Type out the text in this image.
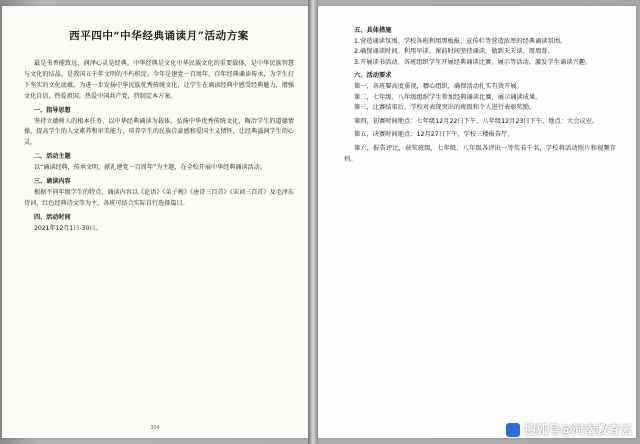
西平四中“中华经典诵读月”活动方案

最是书香能致远，润泽心灵是经典。中华经典是文化中华民族文化的重要载体，是中华民族智慧与文化的结晶，是我国五千年文明的不朽积淀。今年是建党一百周年，百年经典诵读传承，为学生打下坚实的文化底蕴。为进一步发扬中华民族优秀传统文化，让学生在诵读经典中感受经典魅力，增强文化自信，热爱祖国，热爱中国共产党，特制定本方案。

一、指导思想

坚持立德树人的根本任务，以中华经典诵读为载体，弘扬中华优秀传统文化，陶冶学生的道德情操，提高学生的人文素养和审美能力，培养学生的民族自豪感和爱国主义情怀，让经典滋润学生的心灵。

二、活动主题

以“诵读经典，传承文明，献礼建党一百周年”为主题，在全校开展中华经典诵读活动。

三、诵读内容

根据不同年级学生的特点，诵读内容以《论语》《弟子规》《唐诗三百首》《宋词三百首》及毛泽东诗词、红色经典诗文等为主，各班可结合实际自行选择篇目。

四、活动时间

2021年12月1日-30日。

304

五、具体措施

1.营造诵读氛围。学校各班利用黑板报、宣传栏等营造浓厚的经典诵读氛围。

2.确保诵读时间。利用早读、课前时间坚持诵读，做到天天读、周周背。

3.开展读书活动。各班组织学生开展经典诵读比赛、展示等活动，激发学生诵读兴趣。

六、活动要求

第一，各班要高度重视，精心组织，确保活动扎实有效开展。

第二，七年级、八年级组织学生参加经典诵读比赛，展示诵读成果。

第三，比赛结束后，学校对表现突出的班级和个人进行表彰奖励。

第四，初赛时间地点：七年级12月22日下午，八年级12月23日下午，地点：大会议室。

第五，决赛时间地点：12月27日下午，学校三楼报告厅。

第六，报告评比，获奖班级，七年级、八年级各评出一等奖若干名，学校将活动照片和视频存档。

搜狐号@河南教育云
